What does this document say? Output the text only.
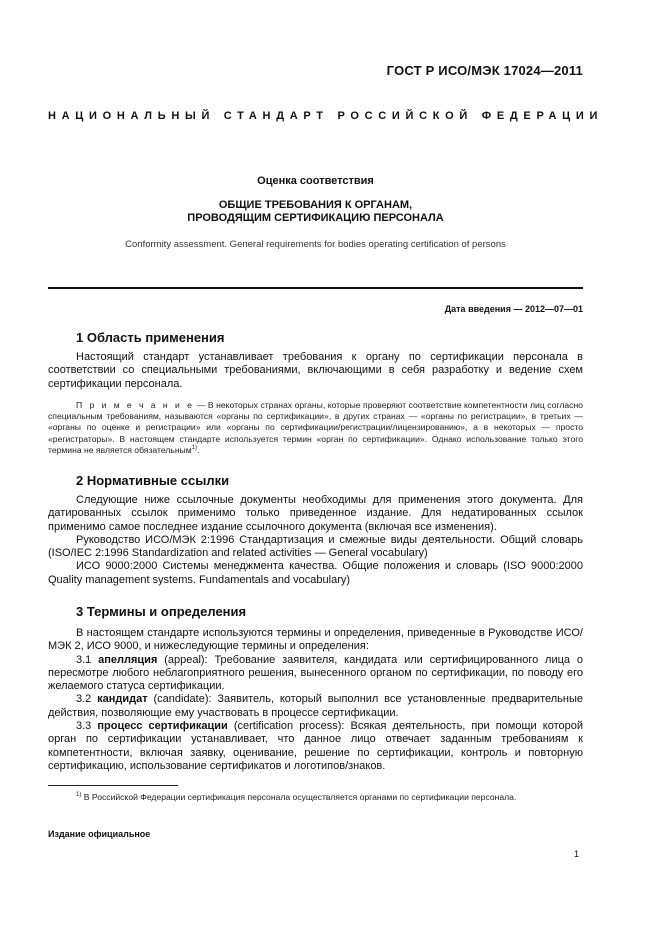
ГОСТ Р ИСО/МЭК 17024—2011
НАЦИОНАЛЬНЫЙ СТАНДАРТ РОССИЙСКОЙ ФЕДЕРАЦИИ
Оценка соответствия
ОБЩИЕ ТРЕБОВАНИЯ К ОРГАНАМ,
ПРОВОДЯЩИМ СЕРТИФИКАЦИЮ ПЕРСОНАЛА
Conformity assessment. General requirements for bodies operating certification of persons
Дата введения — 2012—07—01
1 Область применения

Настоящий стандарт устанавливает требования к органу по сертификации персонала в соответствии со специальными требованиями, включающими в себя разработку и ведение схем сертификации персонала.

П р и м е ч а н и е — В некоторых странах органы, которые проверяют соответствие компетентности лиц согласно специальным требованиям, называются «органы по сертификации», в других странах — «органы по регистрации», в третьих — «органы по оценке и регистрации» или «органы по сертификации/регистрации/лицензированию», а в некоторых — просто «регистраторы». В настоящем стандарте используется термин «орган по сертификации». Однако использование только этого термина не является обязательным$^{1)}$.

2 Нормативные ссылки

Следующие ниже ссылочные документы необходимы для применения этого документа. Для датированных ссылок применимо только приведенное издание. Для недатированных ссылок применимо самое последнее издание ссылочного документа (включая все изменения).

Руководство ИСО/МЭК 2:1996 Стандартизация и смежные виды деятельности. Общий словарь (ISO/IEC 2:1996 Standardization and related activities — General vocabulary)

ИСО 9000:2000 Системы менеджмента качества. Общие положения и словарь (ISO 9000:2000 Quality management systems. Fundamentals and vocabulary)

3 Термины и определения

В настоящем стандарте используются термины и определения, приведенные в Руководстве ИСО/МЭК 2, ИСО 9000, и нижеследующие термины и определения:

3.1 апелляция (appeal): Требование заявителя, кандидата или сертифицированного лица о пересмотре любого неблагоприятного решения, вынесенного органом по сертификации, по поводу его желаемого статуса сертификации.

3.2 кандидат (candidate): Заявитель, который выполнил все установленные предварительные действия, позволяющие ему участвовать в процессе сертификации.

3.3 процесс сертификации (certification process): Всякая деятельность, при помощи которой орган по сертификации устанавливает, что данное лицо отвечает заданным требованиям к компетентности, включая заявку, оценивание, решение по сертификации, контроль и повторную сертификацию, использование сертификатов и логотипов/знаков.

$^{1)}$ В Российской Федерации сертификация персонала осуществляется органами по сертификации персонала.

Издание официальное
1
